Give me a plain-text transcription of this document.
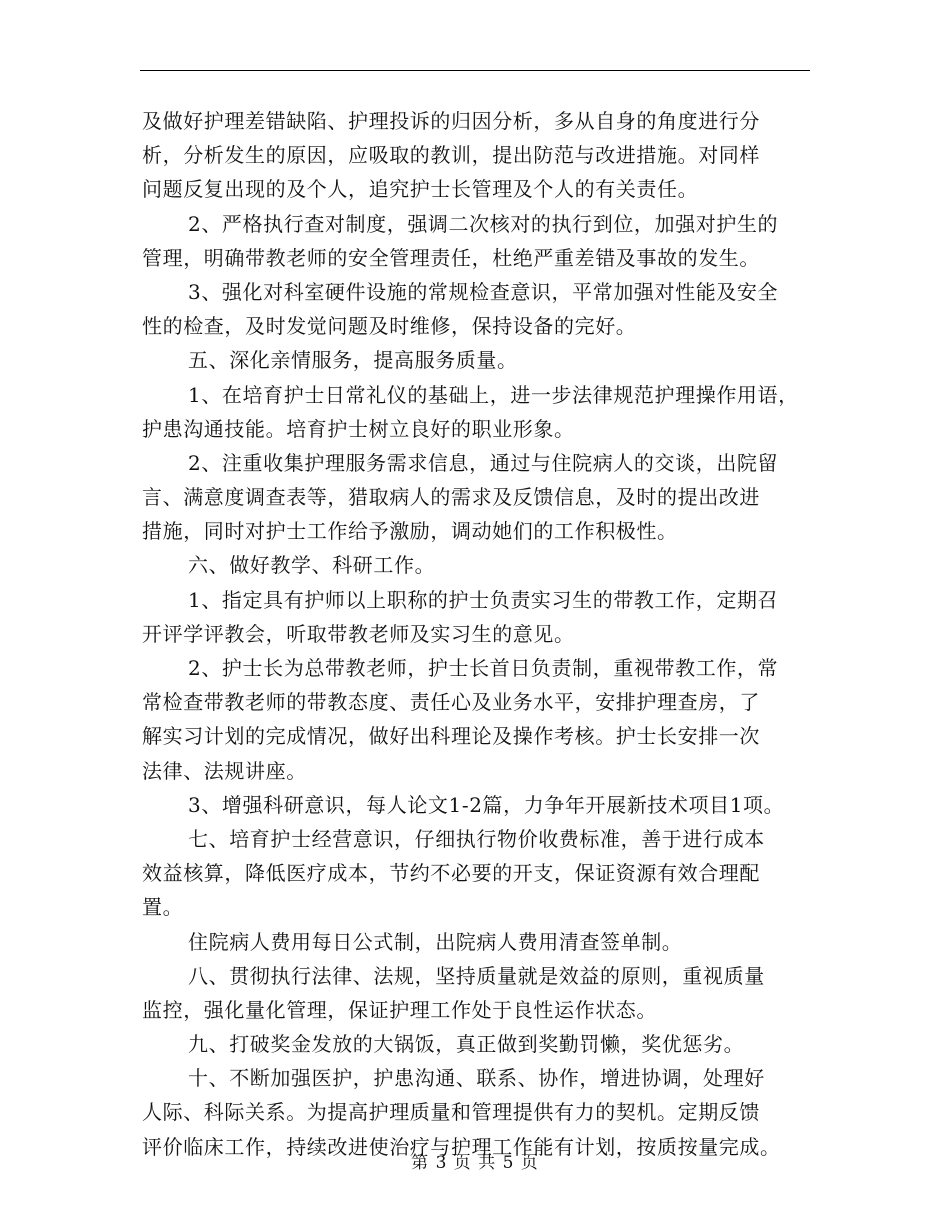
及做好护理差错缺陷、护理投诉的归因分析，多从自身的角度进行分
析，分析发生的原因，应吸取的教训，提出防范与改进措施。对同样
问题反复出现的及个人，追究护士长管理及个人的有关责任。
2、严格执行查对制度，强调二次核对的执行到位，加强对护生的
管理，明确带教老师的安全管理责任，杜绝严重差错及事故的发生。
3、强化对科室硬件设施的常规检查意识，平常加强对性能及安全
性的检查，及时发觉问题及时维修，保持设备的完好。
五、深化亲情服务，提高服务质量。
1、在培育护士日常礼仪的基础上，进一步法律规范护理操作用语，
护患沟通技能。培育护士树立良好的职业形象。
2、注重收集护理服务需求信息，通过与住院病人的交谈，出院留
言、满意度调查表等，猎取病人的需求及反馈信息，及时的提出改进
措施，同时对护士工作给予激励，调动她们的工作积极性。
六、做好教学、科研工作。
1、指定具有护师以上职称的护士负责实习生的带教工作，定期召
开评学评教会，听取带教老师及实习生的意见。
2、护士长为总带教老师，护士长首日负责制，重视带教工作，常
常检查带教老师的带教态度、责任心及业务水平，安排护理查房，了
解实习计划的完成情况，做好出科理论及操作考核。护士长安排一次
法律、法规讲座。
3、增强科研意识，每人论文1-2篇，力争年开展新技术项目1项。
七、培育护士经营意识，仔细执行物价收费标准，善于进行成本
效益核算，降低医疗成本，节约不必要的开支，保证资源有效合理配
置。
住院病人费用每日公式制，出院病人费用清查签单制。
八、贯彻执行法律、法规，坚持质量就是效益的原则，重视质量
监控，强化量化管理，保证护理工作处于良性运作状态。
九、打破奖金发放的大锅饭，真正做到奖勤罚懒，奖优惩劣。
十、不断加强医护，护患沟通、联系、协作，增进协调，处理好
人际、科际关系。为提高护理质量和管理提供有力的契机。定期反馈
评价临床工作，持续改进使治疗与护理工作能有计划，按质按量完成。
第 3 页 共 5 页
